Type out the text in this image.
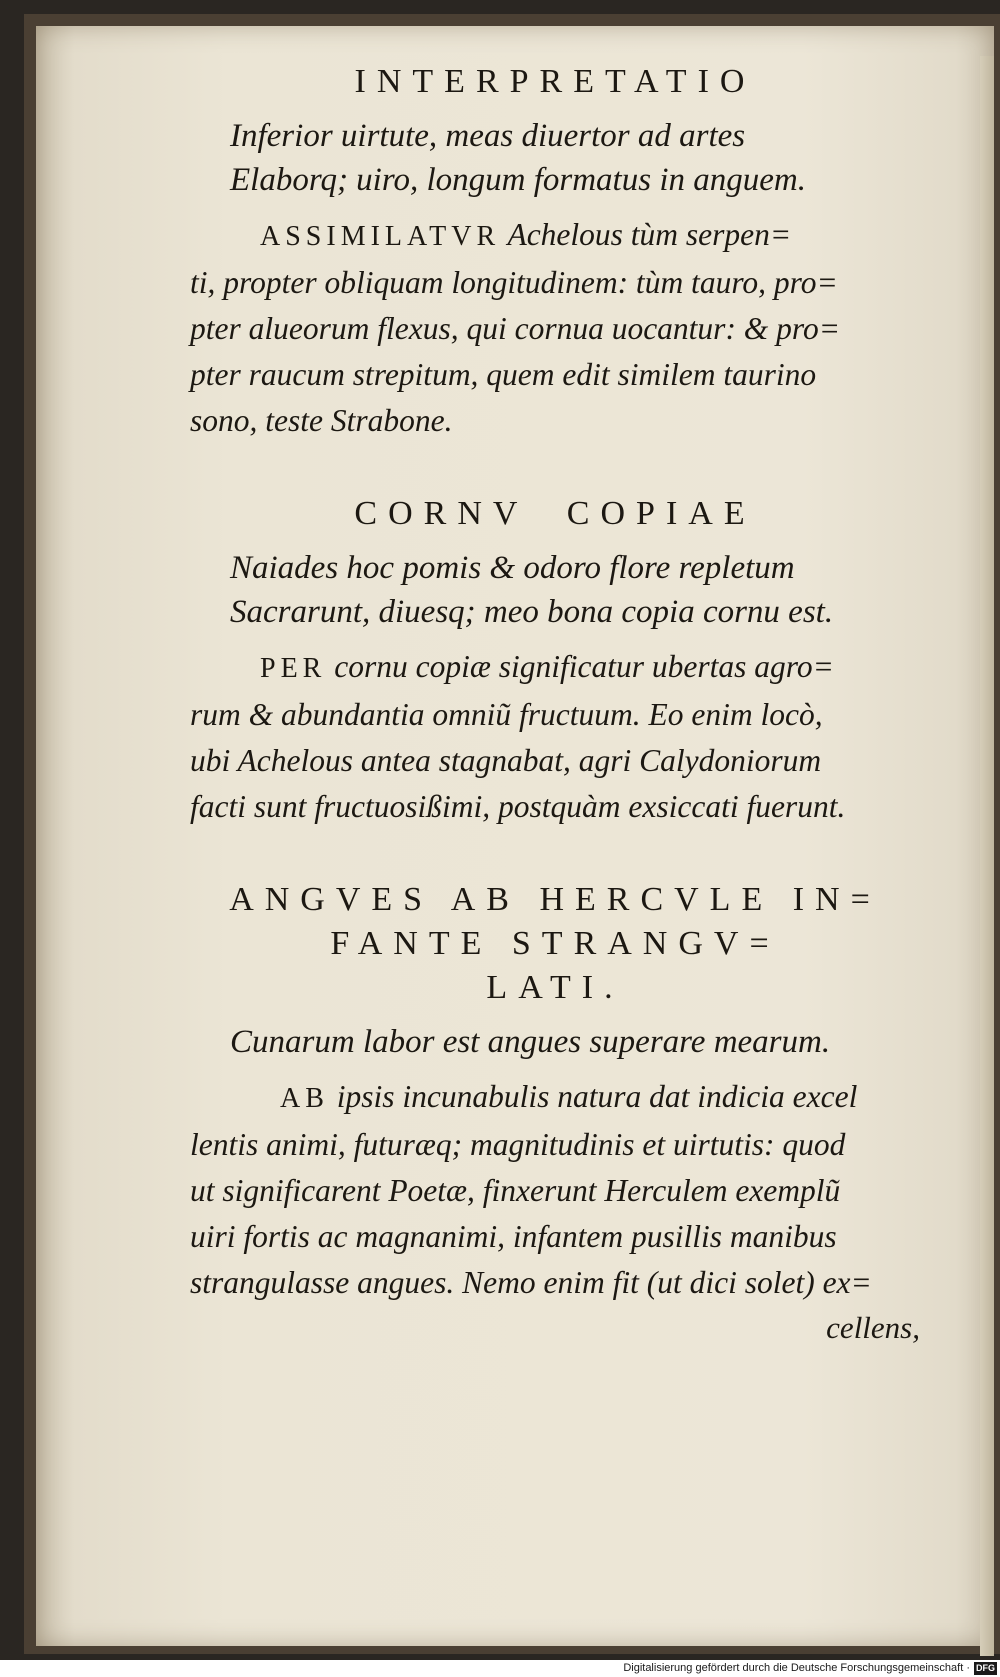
INTERPRETATIO

Inferior uirtute, meas diuertor ad artes

Elaborq; uiro, longum formatus in anguem.

ASSIMILATVR Achelous tùm serpen=

ti, propter obliquam longitudinem: tùm tauro, pro=

pter alueorum flexus, qui cornua uocantur: & pro=

pter raucum strepitum, quem edit similem taurino

sono, teste Strabone.

CORNV  COPIAE

Naiades hoc pomis & odoro flore repletum

Sacrarunt, diuesq; meo bona copia cornu est.

PER cornu copiæ significatur ubertas agro=

rum & abundantia omniũ fructuum. Eo enim locò,

ubi Achelous antea stagnabat, agri Calydoniorum

facti sunt fructuosißimi, postquàm exsiccati fuerunt.

ANGVES AB HERCVLE IN=

FANTE STRANGV=

LATI.

Cunarum labor est angues superare mearum.

AB ipsis incunabulis natura dat indicia excel

lentis animi, futuræq; magnitudinis et uirtutis: quod

ut significarent Poetæ, finxerunt Herculem exemplũ

uiri fortis ac magnanimi, infantem pusillis manibus

strangulasse angues. Nemo enim fit (ut dici solet) ex=

cellens,

Digitalisierung gefördert durch die Deutsche Forschungsgemeinschaft · DFG
